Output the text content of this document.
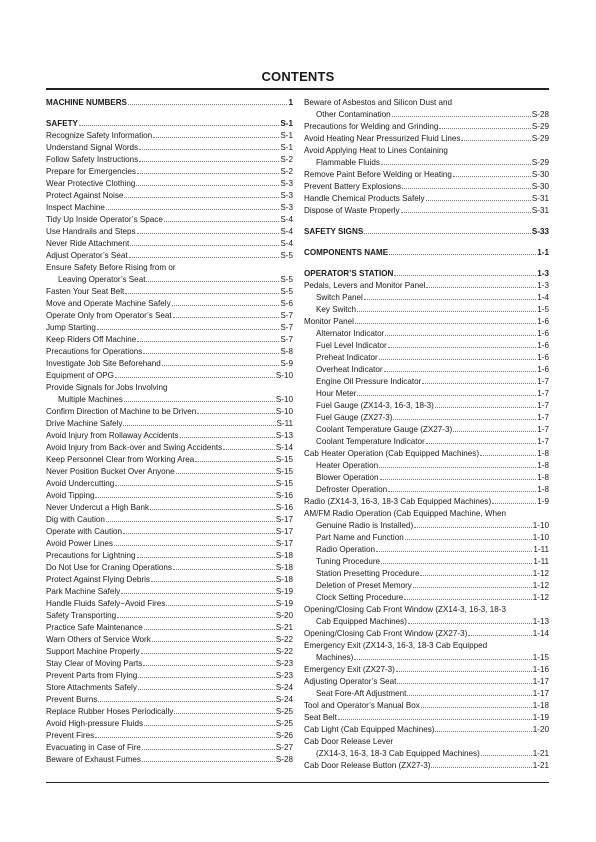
CONTENTS
MACHINE NUMBERS	1
SAFETY	S-1
Recognize Safety Information	S-1
Understand Signal Words	S-1
Follow Safety Instructions	S-2
Prepare for Emergencies	S-2
Wear Protective Clothing	S-3
Protect Against Noise	S-3
Inspect Machine	S-3
Tidy Up Inside Operator’s Space	S-4
Use Handrails and Steps	S-4
Never Ride Attachment	S-4
Adjust Operator’s Seat	S-5
Ensure Safety Before Rising from or
Leaving Operator’s Seat	S-5
Fasten Your Seat Belt	S-5
Move and Operate Machine Safely	S-6
Operate Only from Operator’s Seat	S-7
Jump Starting	S-7
Keep Riders Off Machine	S-7
Precautions for Operations	S-8
Investigate Job Site Beforehand	S-9
Equipment of OPG	S-10
Provide Signals for Jobs Involving
Multiple Machines	S-10
Confirm Direction of Machine to be Driven	S-10
Drive Machine Safely	S-11
Avoid Injury from Rollaway Accidents	S-13
Avoid Injury from Back-over and Swing Accidents	S-14
Keep Personnel Clear from Working Area	S-15
Never Position Bucket Over Anyone	S-15
Avoid Undercutting	S-15
Avoid Tipping	S-16
Never Undercut a High Bank	S-16
Dig with Caution	S-17
Operate with Caution	S-17
Avoid Power Lines	S-17
Precautions for Lightning	S-18
Do Not Use for Craning Operations	S-18
Protect Against Flying Debris	S-18
Park Machine Safely	S-19
Handle Fluids Safely−Avoid Fires	S-19
Safety Transporting	S-20
Practice Safe Maintenance	S-21
Warn Others of Service Work	S-22
Support Machine Properly	S-22
Stay Clear of Moving Parts	S-23
Prevent Parts from Flying	S-23
Store Attachments Safely	S-24
Prevent Burns	S-24
Replace Rubber Hoses Periodically	S-25
Avoid High-pressure Fluids	S-25
Prevent Fires	S-26
Evacuating in Case of Fire	S-27
Beware of Exhaust Fumes	S-28
Beware of Asbestos and Silicon Dust and
Other Contamination	S-28
Precautions for Welding and Grinding	S-29
Avoid Heating Near Pressurized Fluid Lines	S-29
Avoid Applying Heat to Lines Containing
Flammable Fluids	S-29
Remove Paint Before Welding or Heating	S-30
Prevent Battery Explosions	S-30
Handle Chemical Products Safely	S-31
Dispose of Waste Properly	S-31
SAFETY SIGNS	S-33
COMPONENTS NAME	1-1
OPERATOR’S STATION	1-3
Pedals, Levers and Monitor Panel	1-3
Switch Panel	1-4
Key Switch	1-5
Monitor Panel	1-6
Alternator Indicator	1-6
Fuel Level Indicator	1-6
Preheat Indicator	1-6
Overheat Indicator	1-6
Engine Oil Pressure Indicator	1-7
Hour Meter	1-7
Fuel Gauge (ZX14-3, 16-3, 18-3)	1-7
Fuel Gauge (ZX27-3)	1-7
Coolant Temperature Gauge (ZX27-3)	1-7
Coolant Temperature Indicator	1-7
Cab Heater Operation (Cab Equipped Machines)	1-8
Heater Operation	1-8
Blower Operation	1-8
Defroster Operation	1-8
Radio (ZX14-3, 16-3, 18-3 Cab Equipped Machines)	1-9
AM/FM Radio Operation (Cab Equipped Machine, When
Genuine Radio is Installed)	1-10
Part Name and Function	1-10
Radio Operation	1-11
Tuning Procedure	1-11
Station Presetting Procedure	1-12
Deletion of Preset Memory	1-12
Clock Setting Procedure	1-12
Opening/Closing Cab Front Window (ZX14-3, 16-3, 18-3
Cab Equipped Machines)	1-13
Opening/Closing Cab Front Window (ZX27-3)	1-14
Emergency Exit (ZX14-3, 16-3, 18-3 Cab Equipped
Machines)	1-15
Emergency Exit (ZX27-3)	1-16
Adjusting Operator’s Seat	1-17
Seat Fore-Aft Adjustment	1-17
Tool and Operator’s Manual Box	1-18
Seat Belt	1-19
Cab Light (Cab Equipped Machines)	1-20
Cab Door Release Lever
(ZX14-3, 16-3, 18-3 Cab Equipped Machines)	1-21
Cab Door Release Button (ZX27-3)	1-21
